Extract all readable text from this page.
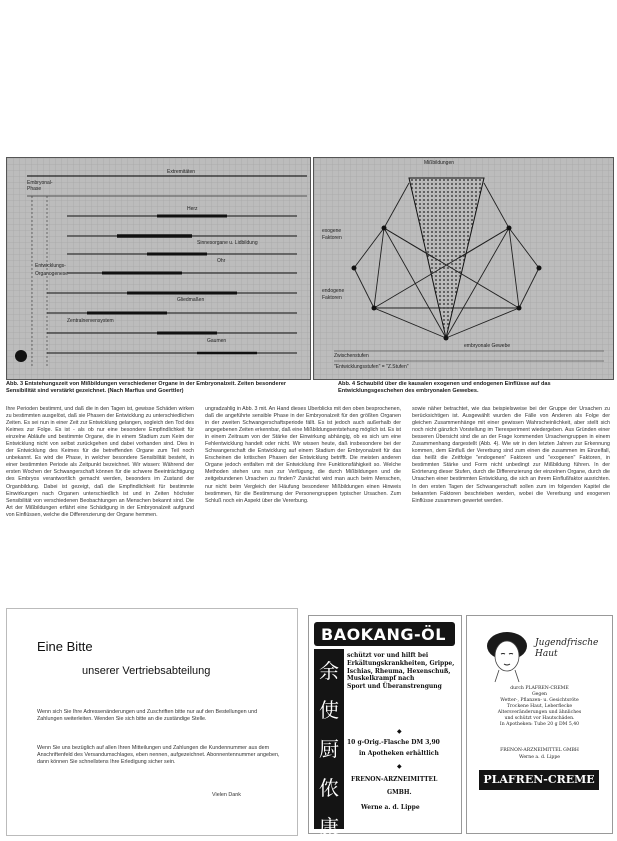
Embryonal-
Phase
Extremitäten
Herz
Sinnesorgane u. Lidbildung
Ohr
Gliedmaßen
Zentralnervensystem
Gaumen
Entwicklungs-
Organogenese
Mißbildungen
exogene
Faktoren
endogene
Faktoren
embryonale Gewebe
Zwischenstufen
"Entwicklungsstufen" = "Z.Stufen"
Abb. 3 Entstehungszeit von Mißbildungen verschiedener Organe in der Embryonalzeit. Zeiten besonderer Sensibilität sind verstärkt gezeichnet. (Nach Marfius und Goerttler)
Abb. 4 Schaubild über die kausalen exogenen und endogenen Einflüsse auf das Entwicklungsgeschehen des embryonalen Gewebes.

Ihre Perioden bestimmt, und daß die in den Tagen ist, gewisse Schäden wirken zu bestimmten ausgelöst, daß sie Phasen der Entwicklung zu unterschiedlichen Zeiten. Es sei nun in einer Zeit zur Entwicklung gelangen, sogleich den Tod des Keimes zur Folge. Es ist - als ob nur eine besondere Empfindlichkeit für einzelne Abläufe und bestimmte Organe, die in einem Stadium zum Keim der Entwicklung nicht von selbst zurückgehen und dabei vorhanden sind. Dies in der Entwicklung des Keimes für die betreffenden Organe zum Teil noch unbekannt. Es wird die Phase, in welcher besondere Sensibilität besteht, in einer bestimmten Periode als Zeitpunkt bezeichnet. Wir wissen: Während der ersten Wochen der Schwangerschaft können für die schwere Beeinträchtigung des Embryos verantwortlich gemacht werden, besonders im Zustand der Organbildung. Dabei ist gezeigt, daß die Empfindlichkeit für bestimmte Einwirkungen nach Organen unterschiedlich ist und in Zeiten höchster Sensibilität von verschiedenen Beobachtungen an Menschen bekannt sind. Die Art der Mißbildungen erfährt eine Schädigung in der Embryonalzeit aufgrund von Einflüssen, welche die Differenzierung der Organe hemmen.

ungradzahlig in Abb. 3 mit. An Hand dieses Überblicks mit den oben besprochenen, daß die angeführte sensible Phase in der Embryonalzeit für den größten Organen in der zweiten Schwangerschaftsperiode fällt. Es ist jedoch auch außerhalb der angegebenen Zeiten erkennbar, daß eine Mißbildungsentstehung möglich ist. Es ist in einem Zeitraum von der Stärke der Einwirkung abhängig, ob es sich um eine Fehlentwicklung handelt oder nicht. Wir wissen heute, daß insbesondere bei der Schwangerschaft die Entwicklung auf einem Stadium der Embryonalzeit für das Erscheinen die kritischen Phasen der Entwicklung betrifft. Die meisten anderen Organe jedoch entfalten mit der Entwicklung ihre Funktionsfähigkeit so. Welche Methoden stehen uns nun zur Verfügung, die durch Mißbildungen und die zeitgebundenen Ursachen zu finden? Zunächst wird man auch beim Menschen, nur nicht beim Vergleich der Häufung besonderer Mißbildungen einen Hinweis bestimmen, für die Bestimmung der Personengruppen typischer Ursachen. Zum Schluß noch ein Aspekt über die Vererbung.

sowie näher betrachtet, wie das beispielsweise bei der Gruppe der Ursachen zu berücksichtigen ist. Ausgewählt wurden die Fälle von Anderen als Folge der gleichen Zusammenhänge mit einer gewissen Wahrscheinlichkeit, aber stellt sich noch nicht gänzlich Vorstellung im Tierexperiment wiedergeben. Aus Gründen einer besseren Übersicht sind die an der Frage kommenden Ursachengruppen in einem Zusammenhang dargestellt (Abb. 4). Wie wir in den letzten Jahren zur Erkennung kommen, dem Einfluß der Vererbung sind zum einen die zusammen im Einzelfall, das heißt die Zeitfolge "endogenen" Faktoren und "exogenen" Faktoren, in bestimmten Stärke und Form nicht unbedingt zur Mißbildung führen. In der Erörterung dieser Stufen, durch die Differenzierung der einzelnen Organe, durch die Ursachen einer bestimmten Entwicklung, die sich an ihrem Einflußfaktor ausrichten. In den ersten Tagen der Schwangerschaft sollen zum im folgenden Kapitel die bekannten Faktoren beschrieben werden, wobei die Vererbung und exogenen Einflüsse zusammen gewertet werden.

Eine Bitte
unserer Vertriebsabteilung
Wenn sich Sie Ihre Adressenänderungen und Zuschriften bitte nur auf den Bestellungen und Zahlungen weiterleiten. Wenden Sie sich bitte an die zuständige Stelle.
Wenn Sie uns bezüglich auf allen Ihren Mitteilungen und Zahlungen die Kundennummer aus dem Anschriftenfeld des Versandumschlages, eben nennen, aufgezeichnet. Abonnentennummer angeben, dann können Sie schnellstens Ihre Erledigung sicher sein.
Vielen Dank
BAOKANG-ÖL
余
使
厨
侬
康
schützt vor und hilft bei Erkältungskrankheiten, Grippe,
Ischias, Rheuma, Hexenschuß, Muskelkrampf nach
Sport und Überanstrengung
◆
10 g-Orig.-Flasche DM 3,90
in Apotheken erhältlich
◆
FRENON-ARZNEIMITTEL
GMBH.
Werne a. d. Lippe
Jugendfrische Haut
durch PLAFREN-CREME
Gegen
Wetter-, Pflanzen- u. Gesichtsröte
Trockene Haut, Leberflecke
Altersveränderungen und ähnliches
und schützt vor Hautschäden.
In Apotheken: Tube 20 g DM 5,40
FRENON-ARZNEIMITTEL GMBH
Werne a. d. Lippe
PLAFREN-CREME
